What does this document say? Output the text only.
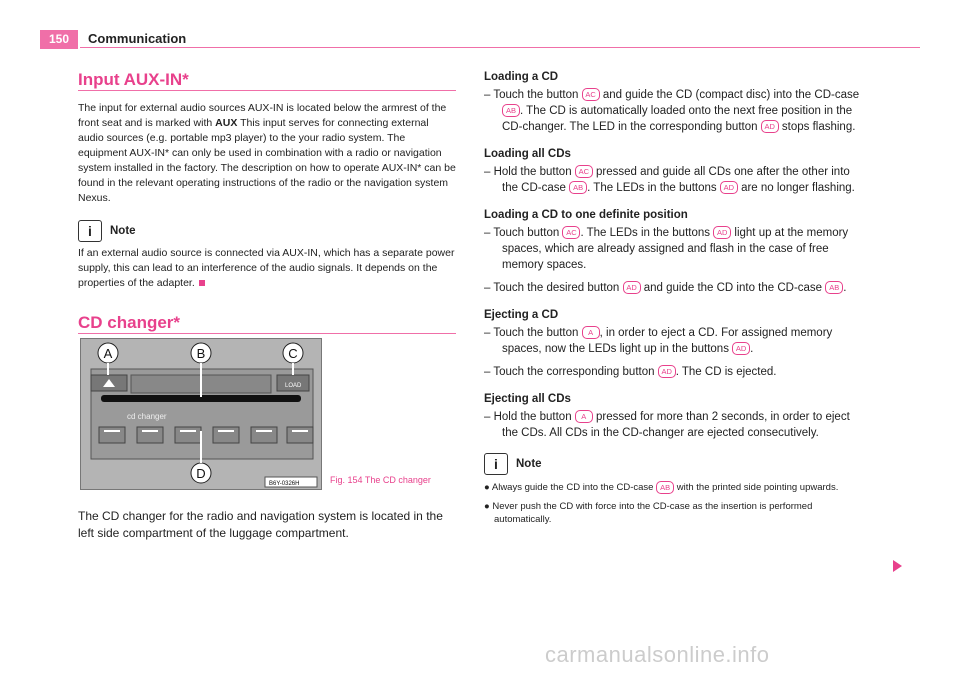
150	Communication
Input AUX-IN*

The input for external audio sources AUX-IN is located below the armrest of the front seat and is marked with AUX This input serves for connecting external audio sources (e.g. portable mp3 player) to the your radio system. The equipment AUX-IN* can only be used in combination with a radio or navigation system installed in the factory. The description on how to operate AUX-IN* can be found in the relevant operating instructions of the radio or the navigation system Nexus.

i	Note

If an external audio source is connected via AUX-IN, which has a separate power supply, this can lead to an interference of the audio signals. It depends on the properties of the adapter.

CD changer*
LOAD
cd changer
A	B	C
D
B6Y-0326H	Fig. 154 The CD changer
The CD changer for the radio and navigation system is located in the left side compartment of the luggage compartment.
Loading a CD
– Touch the button AC and guide the CD (compact disc) into the CD-case AB . The CD is automatically loaded onto the next free position in the CD-changer. The LED in the corresponding button AD stops flashing.
Loading all CDs
– Hold the button AC pressed and guide all CDs one after the other into the CD-case AB . The LEDs in the buttons AD are no longer flashing.
Loading a CD to one definite position
– Touch button AC . The LEDs in the buttons AD light up at the memory spaces, which are already assigned and flash in the case of free memory spaces.
– Touch the desired button AD and guide the CD into the CD-case AB .
Ejecting a CD
– Touch the button A , in order to eject a CD. For assigned memory spaces, now the LEDs light up in the buttons AD .
– Touch the corresponding button AD . The CD is ejected.
Ejecting all CDs
– Hold the button A pressed for more than 2 seconds, in order to eject the CDs. All CDs in the CD-changer are ejected consecutively.
i	Note
● Always guide the CD into the CD-case AB with the printed side pointing upwards.
● Never push the CD with force into the CD-case as the insertion is performed automatically.
carmanualsonline.info
